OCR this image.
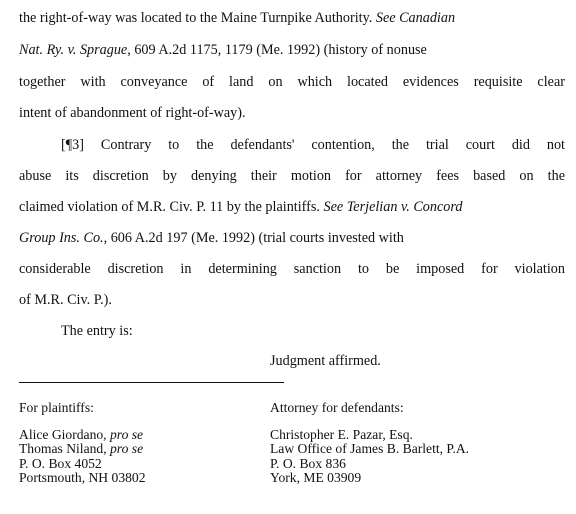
the right-of-way was located to the Maine Turnpike Authority. See Canadian
Nat. Ry. v. Sprague, 609 A.2d 1175, 1179 (Me. 1992) (history of nonuse
together with conveyance of land on which located evidences requisite clear
intent of abandonment of right-of-way).
[¶3] Contrary to the defendants' contention, the trial court did not
abuse its discretion by denying their motion for attorney fees based on the
claimed violation of M.R. Civ. P. 11 by the plaintiffs. See Terjelian v. Concord
Group Ins. Co., 606 A.2d 197 (Me. 1992) (trial courts invested with
considerable discretion in determining sanction to be imposed for violation
of M.R. Civ. P.).
The entry is:
Judgment affirmed.
For plaintiffs:
Alice Giordano, pro se
Thomas Niland, pro se
P. O. Box 4052
Portsmouth, NH 03802
Attorney for defendants:
Christopher E. Pazar, Esq.
Law Office of James B. Barlett, P.A.
P. O. Box 836
York, ME 03909
